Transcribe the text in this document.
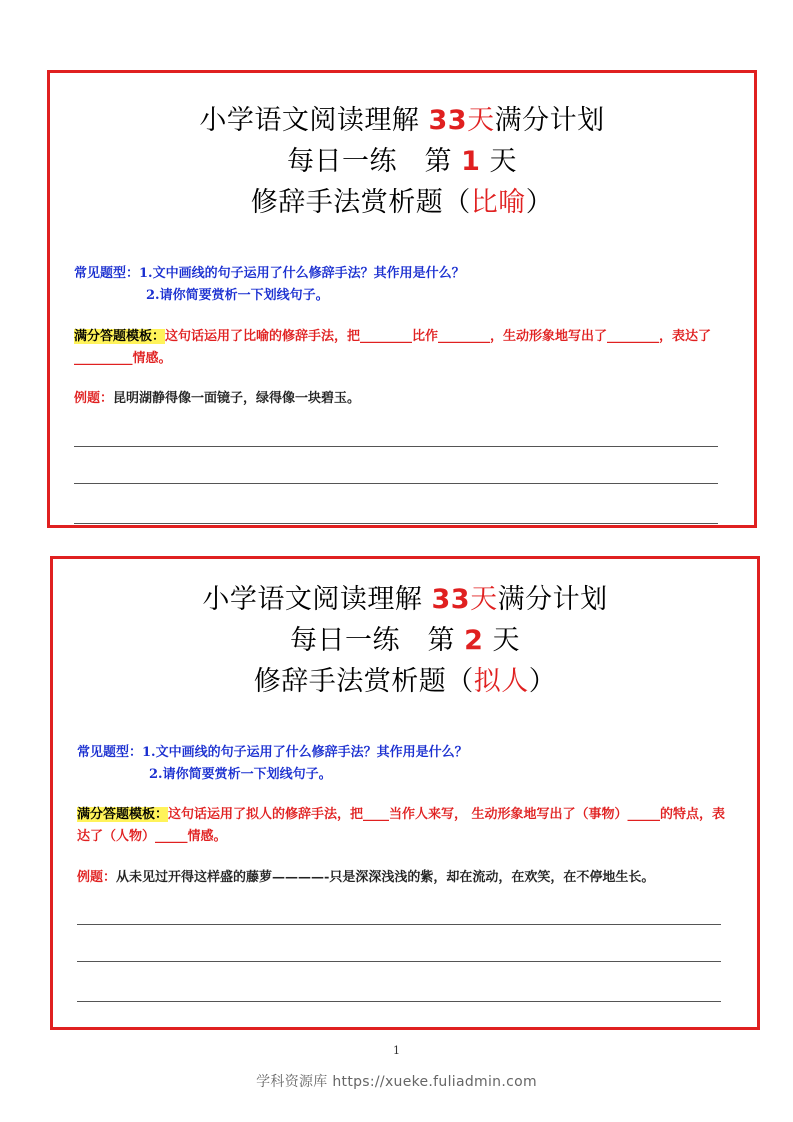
小学语文阅读理解 33天满分计划
每日一练　第 1 天
修辞手法赏析题（比喻）
常见题型：1.文中画线的句子运用了什么修辞手法？其作用是什么？
2.请你简要赏析一下划线句子。
满分答题模板：这句话运用了比喻的修辞手法，把________比作________，生动形象地写出了________，表达了_________情感。
例题：昆明湖静得像一面镜子，绿得像一块碧玉。
小学语文阅读理解 33天满分计划
每日一练　第 2 天
修辞手法赏析题（拟人）
常见题型：1.文中画线的句子运用了什么修辞手法？其作用是什么？
2.请你简要赏析一下划线句子。
满分答题模板：这句话运用了拟人的修辞手法，把____当作人来写， 生动形象地写出了（事物）_____的特点，表达了（人物）_____情感。
例题：从未见过开得这样盛的藤萝————-只是深深浅浅的紫，却在流动，在欢笑，在不停地生长。
1
学科资源库 https://xueke.fuliadmin.com
